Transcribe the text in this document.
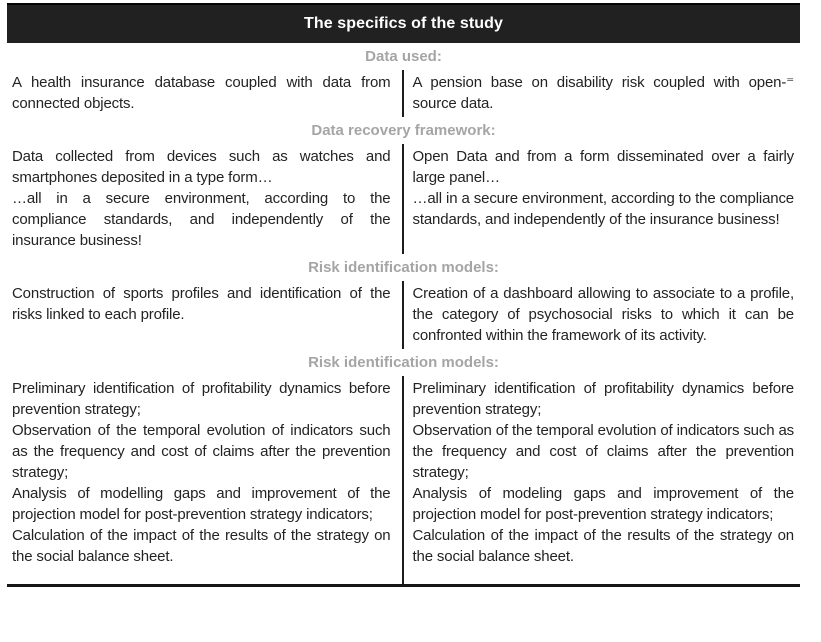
The specifics of the study
Data used:

A health insurance database coupled with data from connected objects.

A pension base on disability risk coupled with open-⁼ source data.

Data recovery framework:

Data collected from devices such as watches and smartphones deposited in a type form…

…all in a secure environment, according to the compliance standards, and independently of the insurance business!

Open Data and from a form disseminated over a fairly large panel…

…all in a secure environment, according to the compliance standards, and independently of the insurance business!

Risk identification models:

Construction of sports profiles and identification of the risks linked to each profile.

Creation of a dashboard allowing to associate to a profile, the category of psychosocial risks to which it can be confronted within the framework of its activity.

Risk identification models:

Preliminary identification of profitability dynamics before prevention strategy;

Observation of the temporal evolution of indicators such as the frequency and cost of claims after the prevention strategy;

Analysis of modelling gaps and improvement of the projection model for post-prevention strategy indicators;

Calculation of the impact of the results of the strategy on the social balance sheet.

Preliminary identification of profitability dynamics before prevention strategy;

Observation of the temporal evolution of indicators such as the frequency and cost of claims after the prevention strategy;

Analysis of modeling gaps and improvement of the projection model for post-prevention strategy indicators;

Calculation of the impact of the results of the strategy on the social balance sheet.
